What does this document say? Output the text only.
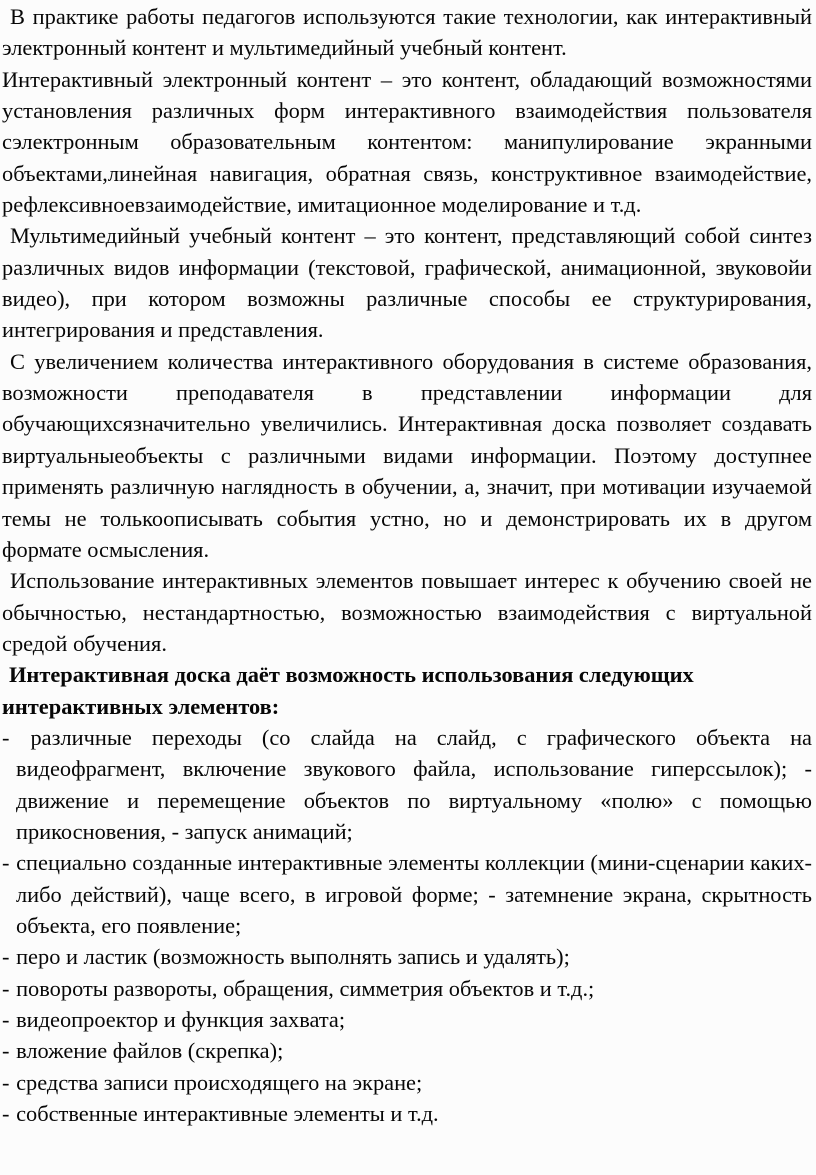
В практике работы педагогов используются такие технологии, как интерактивный электронный контент и мультимедийный учебный контент.
Интерактивный электронный контент – это контент, обладающий возможностями установления различных форм интерактивного взаимодействия пользователя сэлектронным образовательным контентом: манипулирование экранными объектами,линейная навигация, обратная связь, конструктивное взаимодействие, рефлексивноевзаимодействие, имитационное моделирование и т.д.
Мультимедийный учебный контент – это контент, представляющий собой синтез различных видов информации (текстовой, графической, анимационной, звуковойи видео), при котором возможны различные способы ее структурирования, интегрирования и представления.
С увеличением количества интерактивного оборудования в системе образования, возможности преподавателя в представлении информации для обучающихсязначительно увеличились. Интерактивная доска позволяет создавать виртуальныеобъекты с различными видами информации. Поэтому доступнее применять различную наглядность в обучении, а, значит, при мотивации изучаемой темы не толькоописывать события устно, но и демонстрировать их в другом формате осмысления.
Использование интерактивных элементов повышает интерес к обучению своей не обычностью, нестандартностью, возможностью взаимодействия с виртуальной средой обучения.
Интерактивная доска даёт возможность использования следующих интерактивных элементов:
- различные переходы (со слайда на слайд, с графического объекта на видеофрагмент, включение звукового файла, использование гиперссылок); - движение и перемещение объектов по виртуальному «полю» с помощью прикосновения, - запуск анимаций;
- специально созданные интерактивные элементы коллекции (мини-сценарии каких-либо действий), чаще всего, в игровой форме; - затемнение экрана, скрытность объекта, его появление;
- перо и ластик (возможность выполнять запись и удалять);
- повороты развороты, обращения, симметрия объектов и т.д.;
- видеопроектор и функция захвата;
- вложение файлов (скрепка);
- средства записи происходящего на экране;
- собственные интерактивные элементы и т.д.
